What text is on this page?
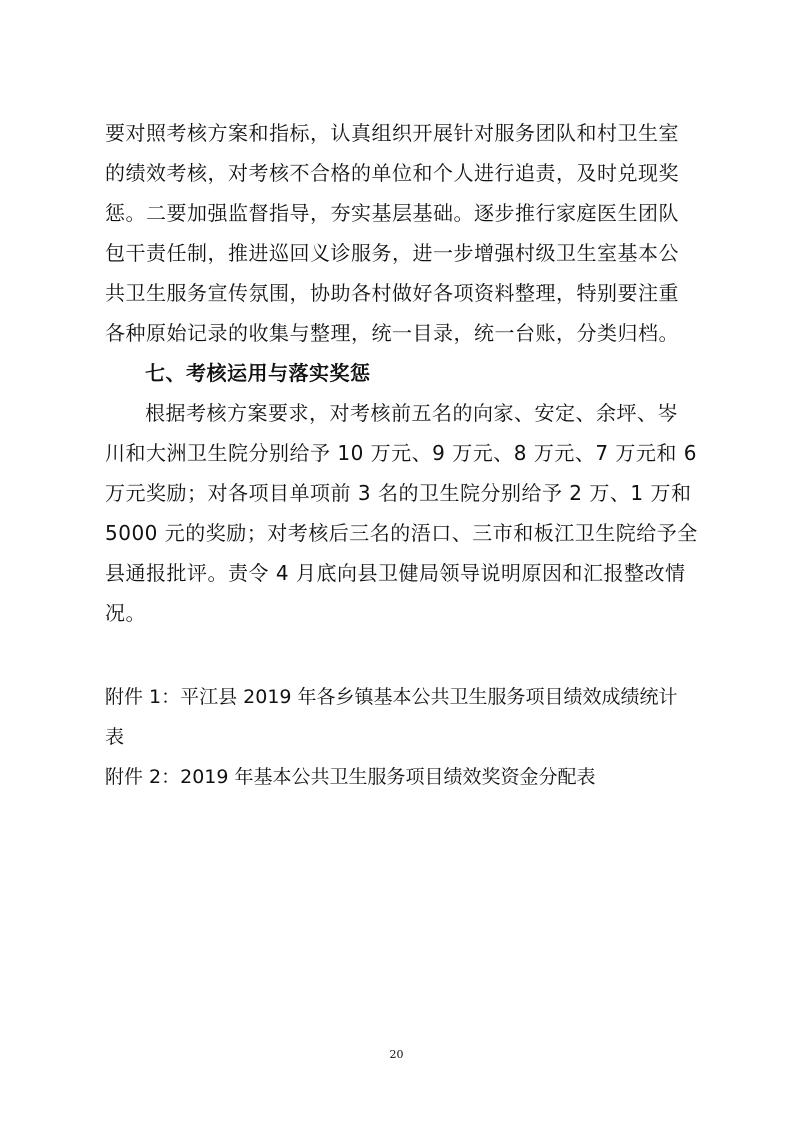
要对照考核方案和指标，认真组织开展针对服务团队和村卫生室
的绩效考核，对考核不合格的单位和个人进行追责，及时兑现奖
惩。二要加强监督指导，夯实基层基础。逐步推行家庭医生团队
包干责任制，推进巡回义诊服务，进一步增强村级卫生室基本公
共卫生服务宣传氛围，协助各村做好各项资料整理，特别要注重
各种原始记录的收集与整理，统一目录，统一台账，分类归档。
七、考核运用与落实奖惩
根据考核方案要求，对考核前五名的向家、安定、余坪、岑
川和大洲卫生院分别给予 10 万元、9 万元、8 万元、7 万元和 6
万元奖励；对各项目单项前 3 名的卫生院分别给予 2 万、1 万和
5000 元的奖励；对考核后三名的浯口、三市和板江卫生院给予全
县通报批评。责令 4 月底向县卫健局领导说明原因和汇报整改情
况。
附件 1：平江县 2019 年各乡镇基本公共卫生服务项目绩效成绩统计
表
附件 2：2019 年基本公共卫生服务项目绩效奖资金分配表
20
